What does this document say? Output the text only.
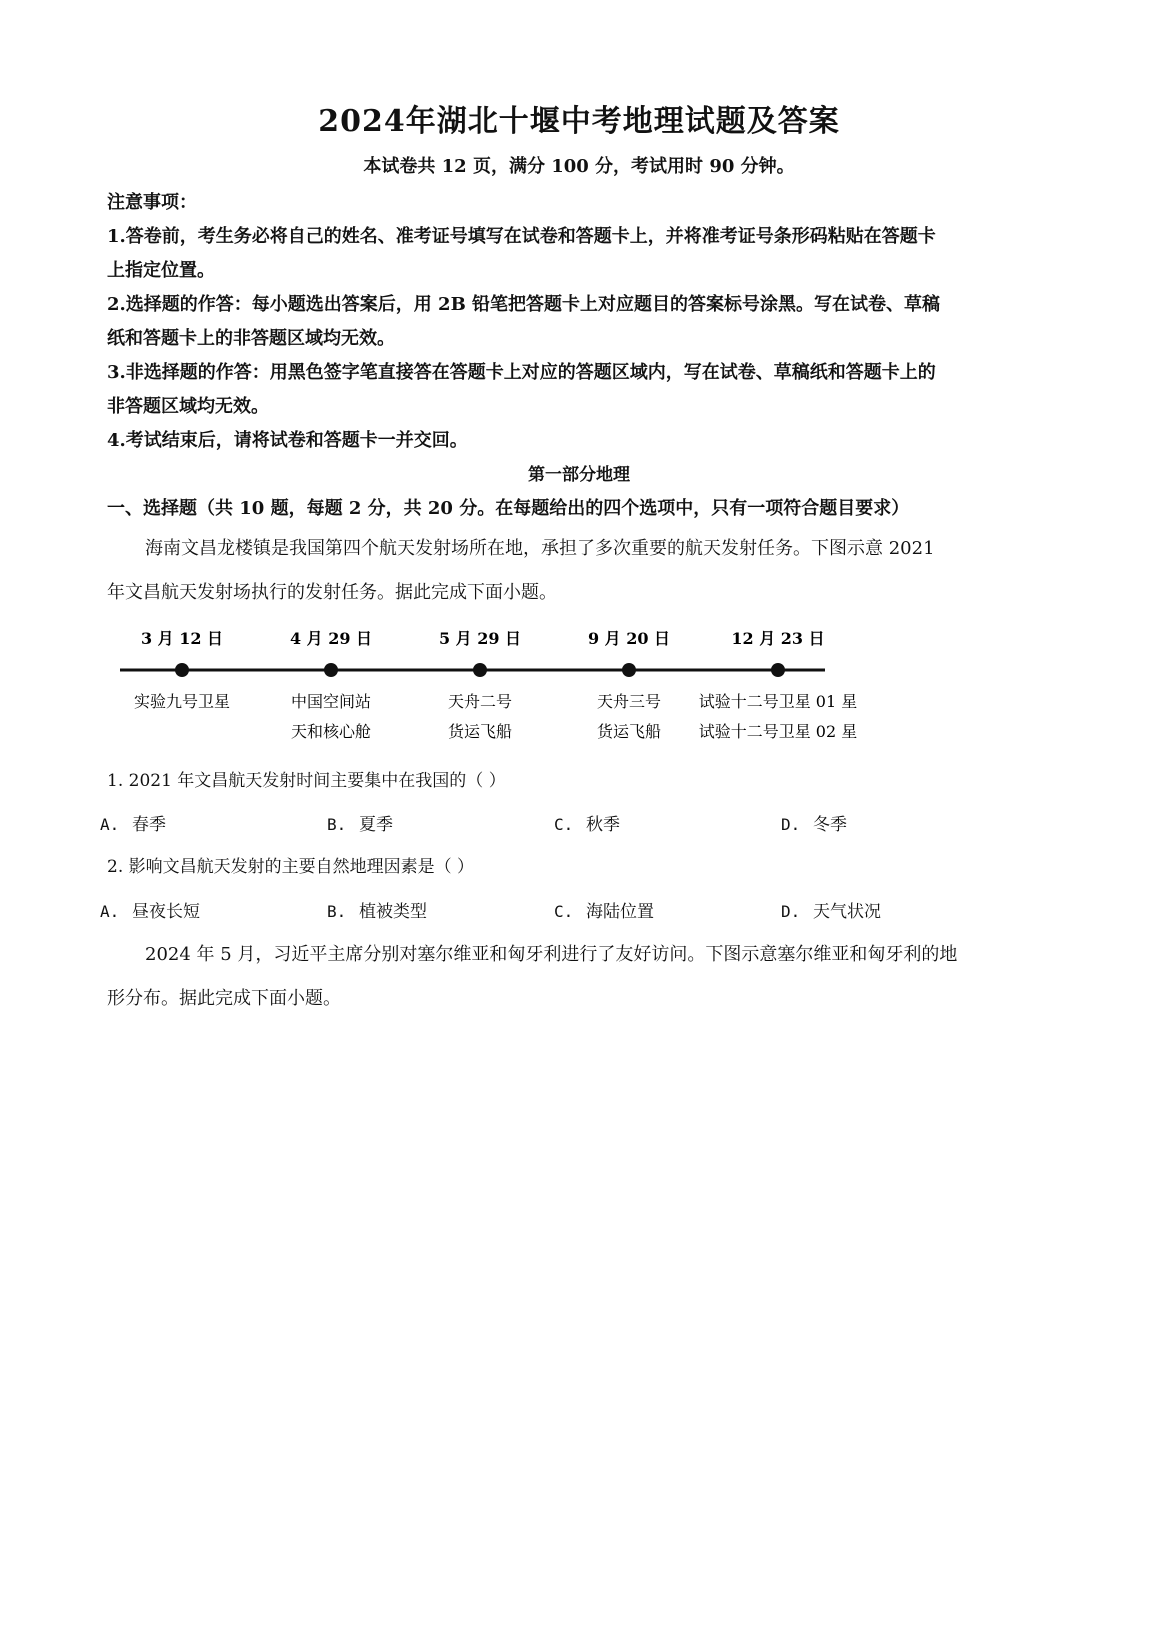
2024年湖北十堰中考地理试题及答案
本试卷共 12 页，满分 100 分，考试用时 90 分钟。
注意事项：
1.答卷前，考生务必将自己的姓名、准考证号填写在试卷和答题卡上，并将准考证号条形码粘贴在答题卡
上指定位置。
2.选择题的作答：每小题选出答案后，用 2B 铅笔把答题卡上对应题目的答案标号涂黑。写在试卷、草稿
纸和答题卡上的非答题区域均无效。
3.非选择题的作答：用黑色签字笔直接答在答题卡上对应的答题区域内，写在试卷、草稿纸和答题卡上的
非答题区域均无效。
4.考试结束后，请将试卷和答题卡一并交回。
第一部分地理
一、选择题（共 10 题，每题 2 分，共 20 分。在每题给出的四个选项中，只有一项符合题目要求）
海南文昌龙楼镇是我国第四个航天发射场所在地，承担了多次重要的航天发射任务。下图示意 2021
年文昌航天发射场执行的发射任务。据此完成下面小题。
3 月 12 日
实验九号卫星
4 月 29 日
中国空间站
天和核心舱
5 月 29 日
天舟二号
货运飞船
9 月 20 日
天舟三号
货运飞船
12 月 23 日
试验十二号卫星 01 星
试验十二号卫星 02 星
1. 2021 年文昌航天发射时间主要集中在我国的（ ）
A. 春季	B. 夏季	C. 秋季	D. 冬季
2. 影响文昌航天发射的主要自然地理因素是（ ）
A. 昼夜长短	B. 植被类型	C. 海陆位置	D. 天气状况
2024 年 5 月，习近平主席分别对塞尔维亚和匈牙利进行了友好访问。下图示意塞尔维亚和匈牙利的地
形分布。据此完成下面小题。
